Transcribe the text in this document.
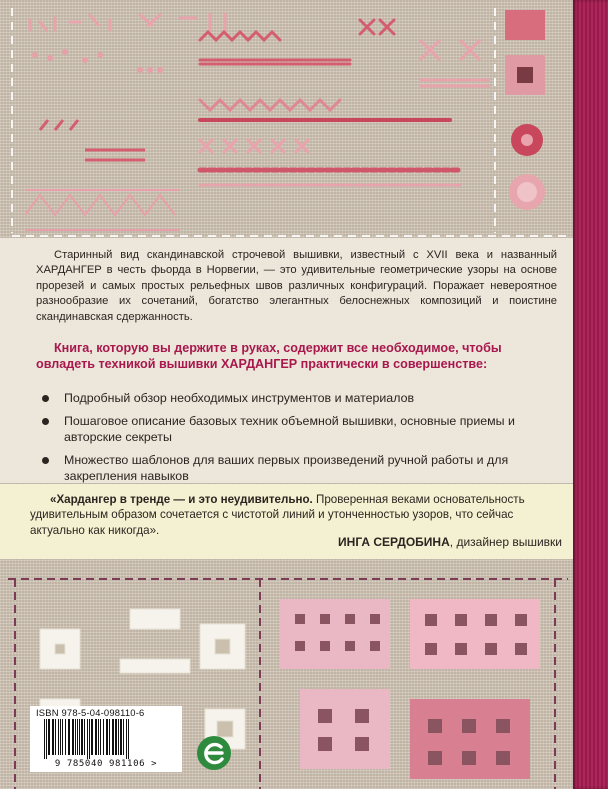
Старинный вид скандинавской строчевой вышивки, известный с XVII века и названный ХАРДАНГЕР в честь фьорда в Норвегии, — это удивительные геометрические узоры на основе прорезей и самых простых рельефных швов различных конфигураций. Поражает невероятное разнообразие их сочетаний, богатство элегантных белоснежных композиций и поистине скандинавская сдержанность.

Книга, которую вы держите в руках, содержит все необходимое, чтобы овладеть техникой вышивки ХАРДАНГЕР практически в совершенстве:

Подробный обзор необходимых инструментов и материалов
Пошаговое описание базовых техник объемной вышивки, основные приемы и авторские секреты
Множество шаблонов для ваших первых произведений ручной работы и для закрепления навыков

«Хардангер в тренде — и это неудивительно. Проверенная веками основательность удивительным образом сочетается с чистотой линий и утонченностью узоров, что сейчас актуально как никогда».

ИНГА СЕРДОБИНА, дизайнер вышивки
ISBN 978-5-04-098110-6
9 785040 981106 >
